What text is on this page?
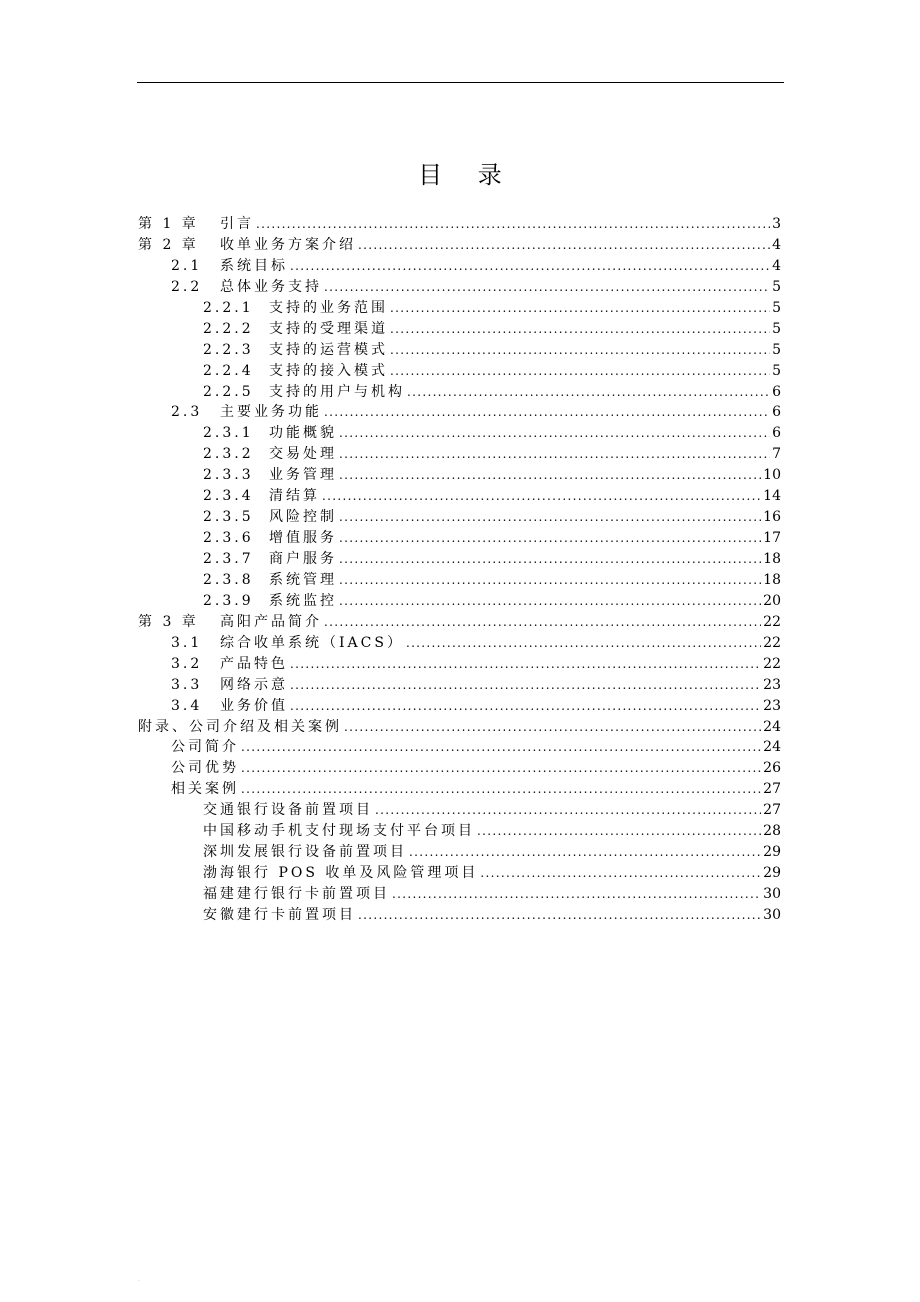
目 录
第 1 章	引言 .....	3
第 2 章	收单业务方案介绍 .....	4
2.1	系统目标 .....	4
2.2	总体业务支持 .....	5
2.2.1	支持的业务范围 .....	5
2.2.2	支持的受理渠道 .....	5
2.2.3	支持的运营模式 .....	5
2.2.4	支持的接入模式 .....	5
2.2.5	支持的用户与机构 .....	6
2.3	主要业务功能 .....	6
2.3.1	功能概貌 .....	6
2.3.2	交易处理 .....	7
2.3.3	业务管理 .....	10
2.3.4	清结算 .....	14
2.3.5	风险控制 .....	16
2.3.6	增值服务 .....	17
2.3.7	商户服务 .....	18
2.3.8	系统管理 .....	18
2.3.9	系统监控 .....	20
第 3 章	高阳产品简介 .....	22
3.1	综合收单系统（IACS） .....	22
3.2	产品特色 .....	22
3.3	网络示意 .....	23
3.4	业务价值 .....	23
附录、公司介绍及相关案例 .....	24
公司简介 .....	24
公司优势 .....	26
相关案例 .....	27
交通银行设备前置项目 .....	27
中国移动手机支付现场支付平台项目 .....	28
深圳发展银行设备前置项目 .....	29
渤海银行 POS 收单及风险管理项目 .....	29
福建建行银行卡前置项目 .....	30
安徽建行卡前置项目 .....	30
.
